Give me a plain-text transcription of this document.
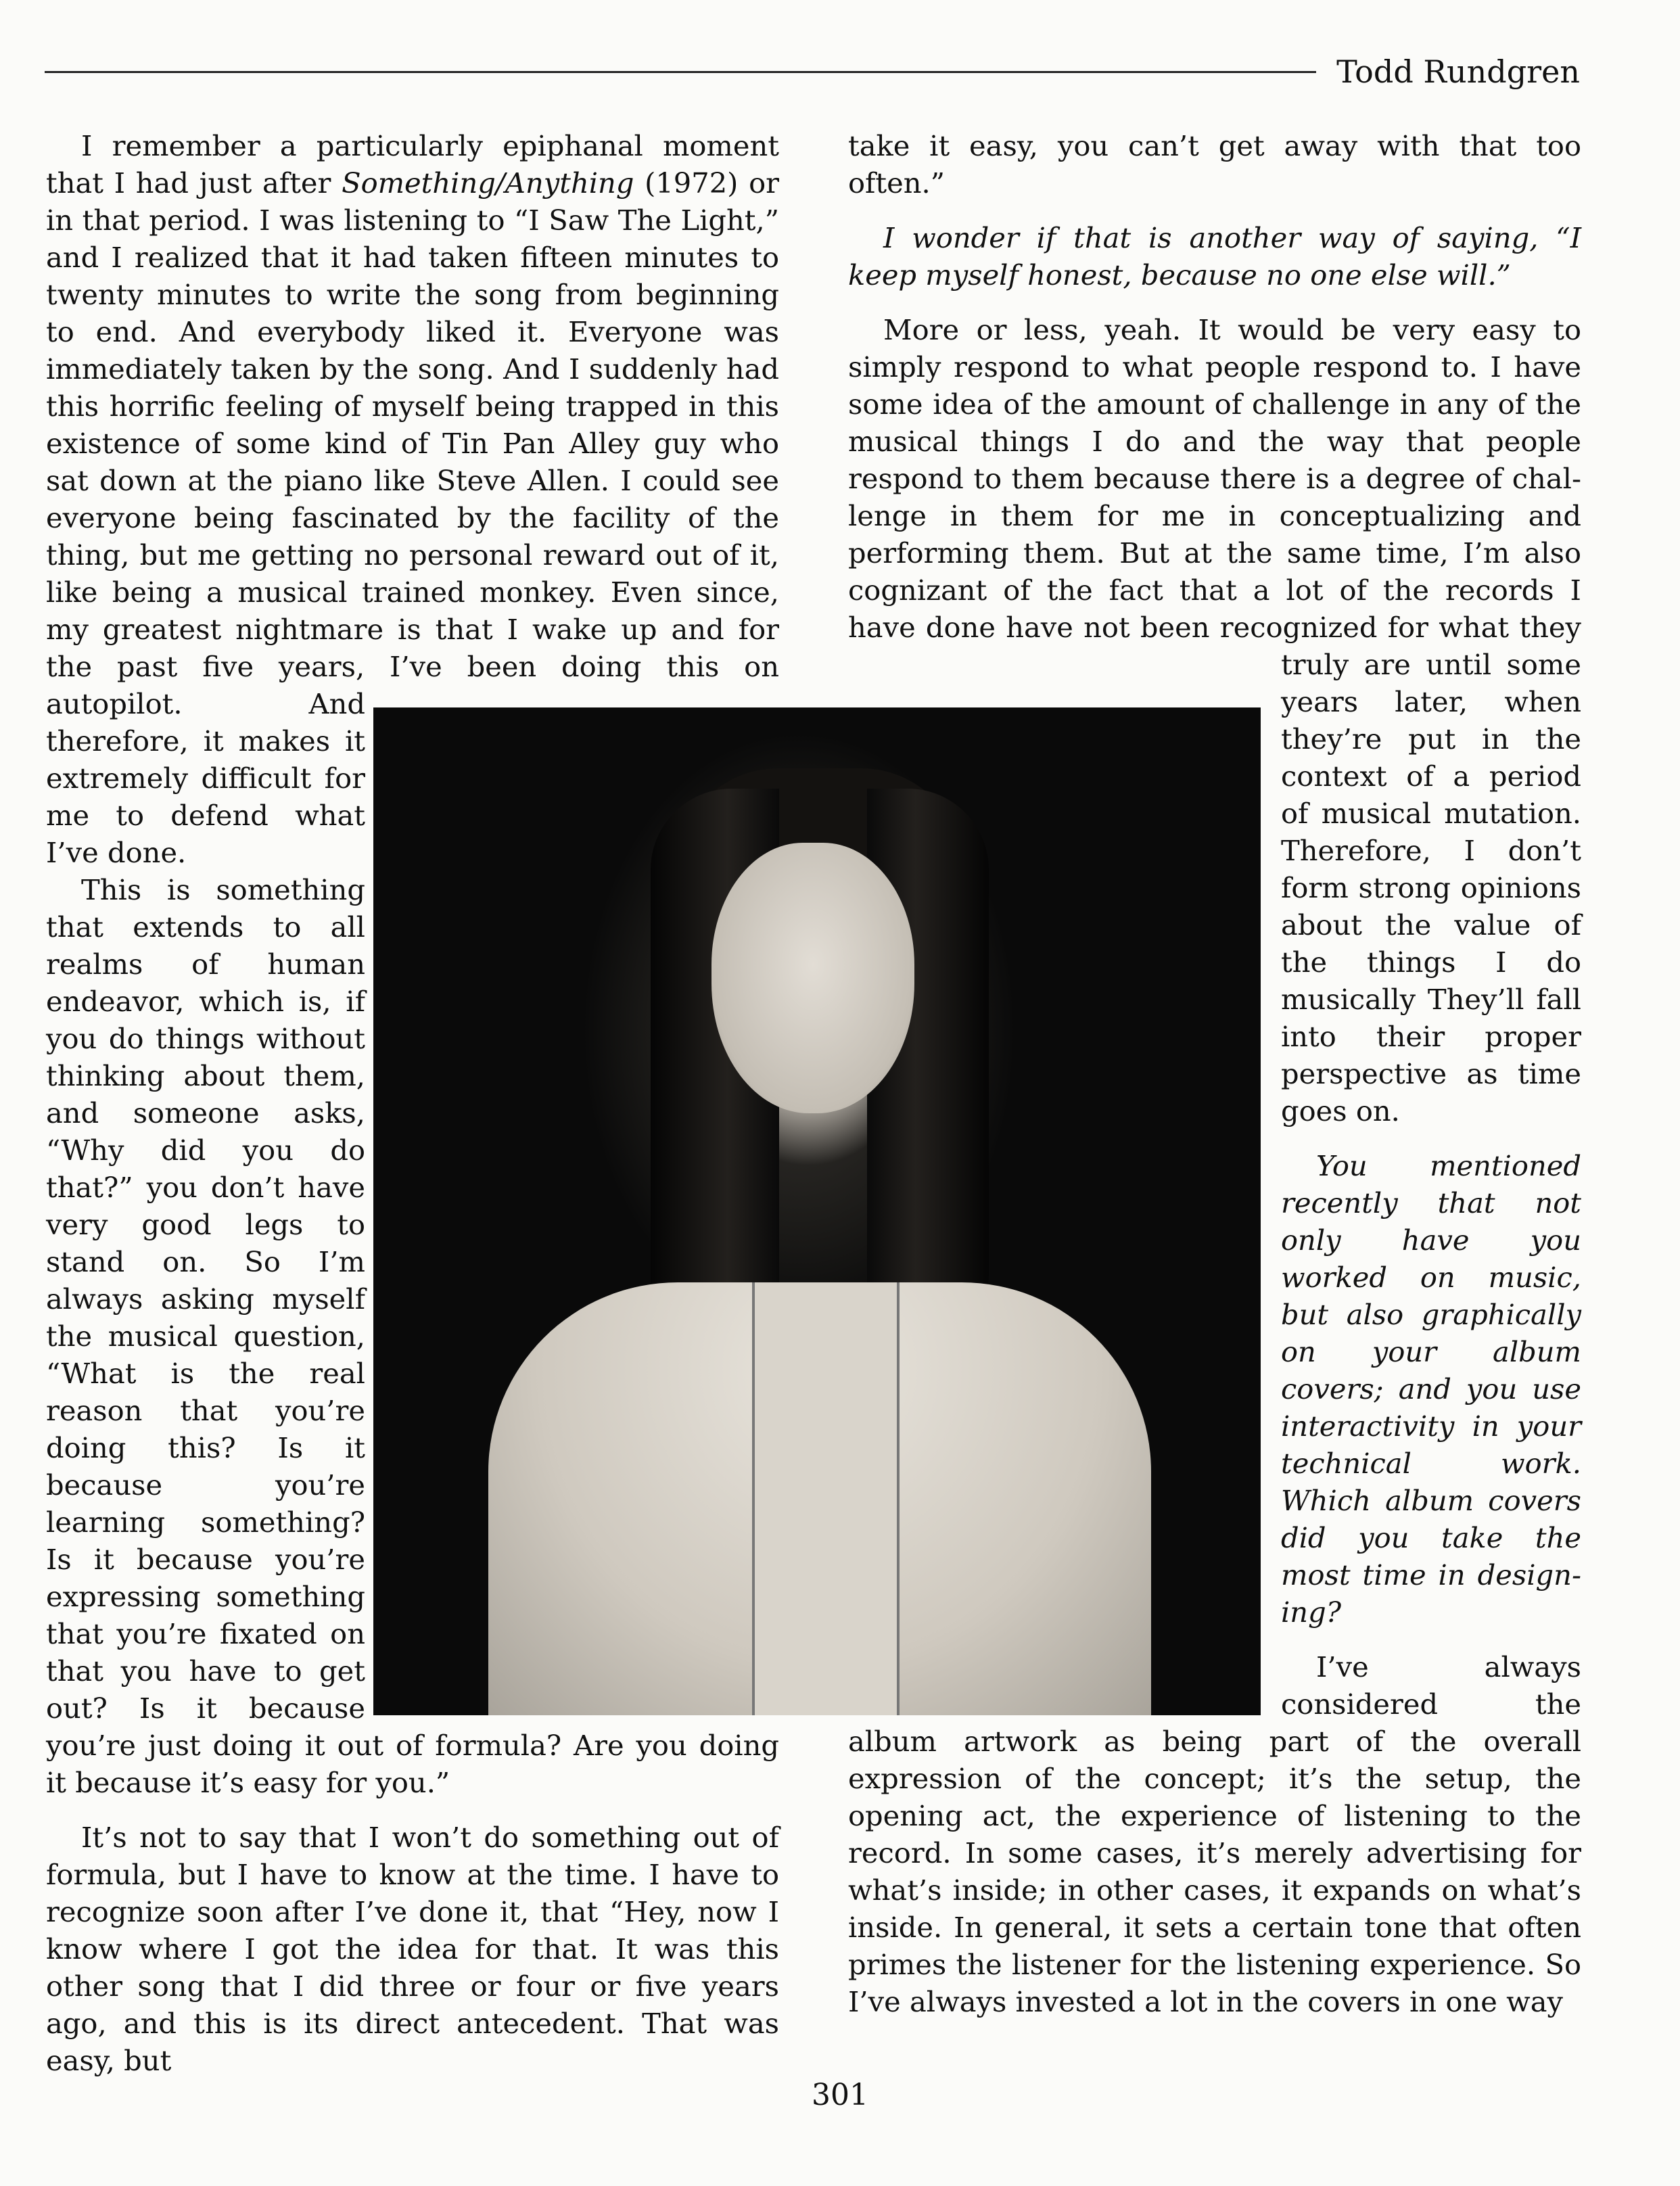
Todd Rundgren

I remember a particularly epiphanal moment that I had just after Something/Anything (1972) or in that period. I was listening to “I Saw The Light,” and I realized that it had taken fifteen minutes to twenty minutes to write the song from beginning to end. And everybody liked it. Everyone was immediately taken by the song. And I suddenly had this horrific feeling of myself being trapped in this existence of some kind of Tin Pan Alley guy who sat down at the piano like Steve Allen. I could see everyone being fascinated by the facility of the thing, but me getting no personal reward out of it, like being a musical trained monkey. Even since, my greatest nightmare is that I wake up and for the past five years, I’ve been doing this on autopilot. And therefore, it makes it extremely difficult for me to defend what I’ve done.

This is something that extends to all realms of human endeavor, which is, if you do things without thinking about them, and someone asks, “Why did you do that?” you don’t have very good legs to stand on. So I’m always asking myself the musical question, “What is the real reason that you’re doing this? Is it because you’re learning something? Is it because you’re expressing something that you’re fixated on that you have to get out? Is it because you’re just doing it out of formula? Are you doing it because it’s easy for you.”

It’s not to say that I won’t do something out of formula, but I have to know at the time. I have to recognize soon after I’ve done it, that “Hey, now I know where I got the idea for that. It was this other song that I did three or four or five years ago, and this is its direct antecedent. That was easy, but

take it easy, you can’t get away with that too often.”

I wonder if that is another way of saying, “I keep myself honest, because no one else will.”

More or less, yeah. It would be very easy to simply respond to what people respond to. I have some idea of the amount of challenge in any of the musical things I do and the way that people respond to them because there is a degree of challenge in them for me in conceptualizing and performing them. But at the same time, I’m also cognizant of the fact that a lot of the records I have done have not been recognized for what they truly are until some years later, when they’re put in the context of a period of musical mutation. Therefore, I don’t form strong opinions about the value of the things I do musically They’ll fall into their proper perspective as time goes on.

You mentioned recently that not only have you worked on music, but also graphically on your album covers; and you use interactivity in your technical work. Which album covers did you take the most time in designing?

I’ve always considered the album artwork as being part of the overall expression of the concept; it’s the setup, the opening act, the experience of listening to the record. In some cases, it’s merely advertising for what’s inside; in other cases, it expands on what’s inside. In general, it sets a certain tone that often primes the listener for the listening experience. So I’ve always invested a lot in the covers in one way

301
